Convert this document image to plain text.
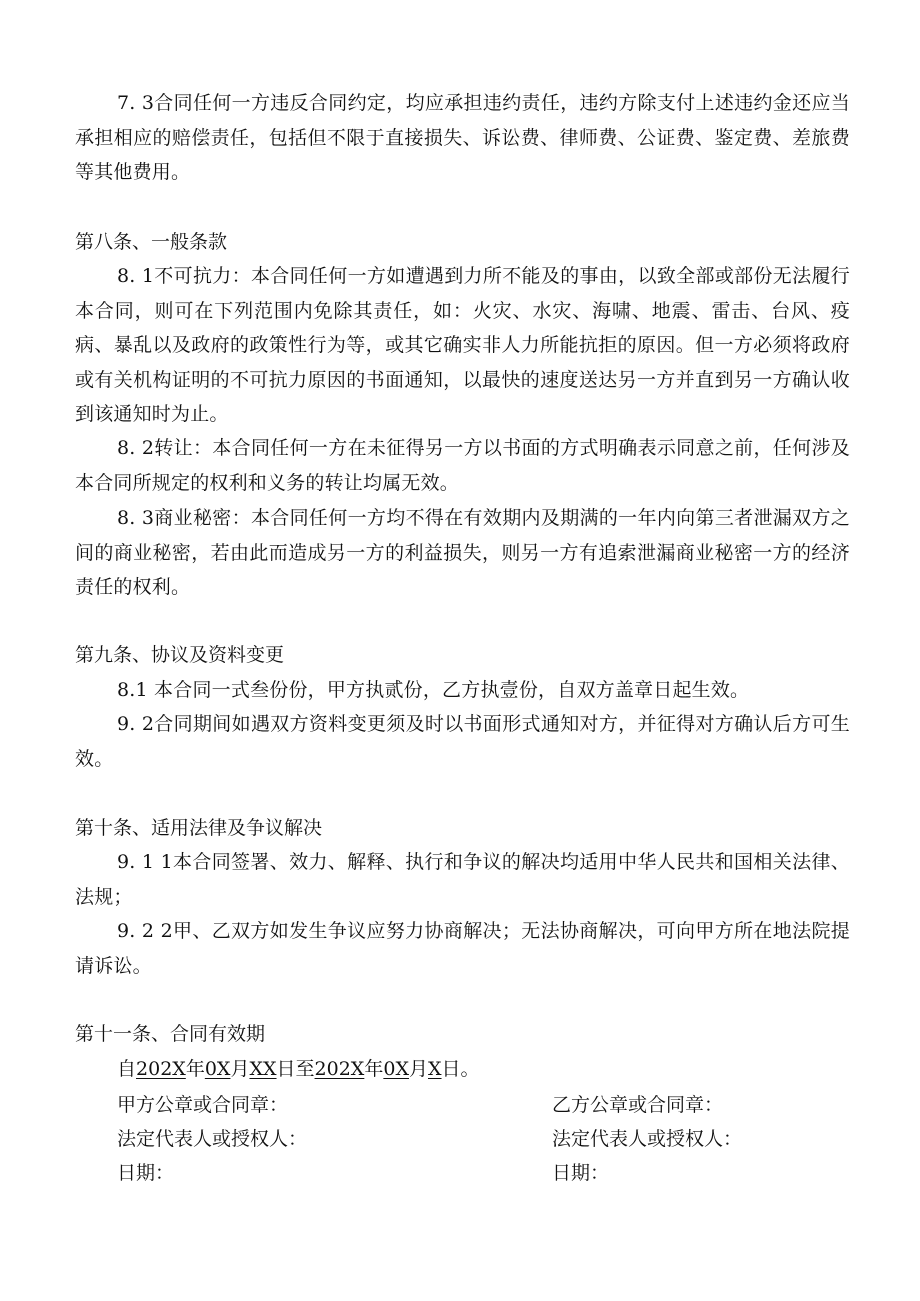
7. 3合同任何一方违反合同约定，均应承担违约责任，违约方除支付上述违约金还应当承担相应的赔偿责任，包括但不限于直接损失、诉讼费、律师费、公证费、鉴定费、差旅费等其他费用。

第八条、一般条款

8. 1不可抗力：本合同任何一方如遭遇到力所不能及的事由，以致全部或部份无法履行本合同，则可在下列范围内免除其责任，如：火灾、水灾、海啸、地震、雷击、台风、疫病、暴乱以及政府的政策性行为等，或其它确实非人力所能抗拒的原因。但一方必须将政府或有关机构证明的不可抗力原因的书面通知，以最快的速度送达另一方并直到另一方确认收到该通知时为止。

8. 2转让：本合同任何一方在未征得另一方以书面的方式明确表示同意之前，任何涉及本合同所规定的权利和义务的转让均属无效。

8. 3商业秘密：本合同任何一方均不得在有效期内及期满的一年内向第三者泄漏双方之间的商业秘密，若由此而造成另一方的利益损失，则另一方有追索泄漏商业秘密一方的经济责任的权利。

第九条、协议及资料变更

8.1 本合同一式叁份份，甲方执贰份，乙方执壹份，自双方盖章日起生效。

9. 2合同期间如遇双方资料变更须及时以书面形式通知对方，并征得对方确认后方可生效。

第十条、适用法律及争议解决

9. 1 1本合同签署、效力、解释、执行和争议的解决均适用中华人民共和国相关法律、法规；

9. 2 2甲、乙双方如发生争议应努力协商解决；无法协商解决，可向甲方所在地法院提请诉讼。

第十一条、合同有效期

自202X年0X月XX日至202X年0X月X日。

甲方公章或合同章：	乙方公章或合同章：

法定代表人或授权人：	法定代表人或授权人：

日期：	日期：
